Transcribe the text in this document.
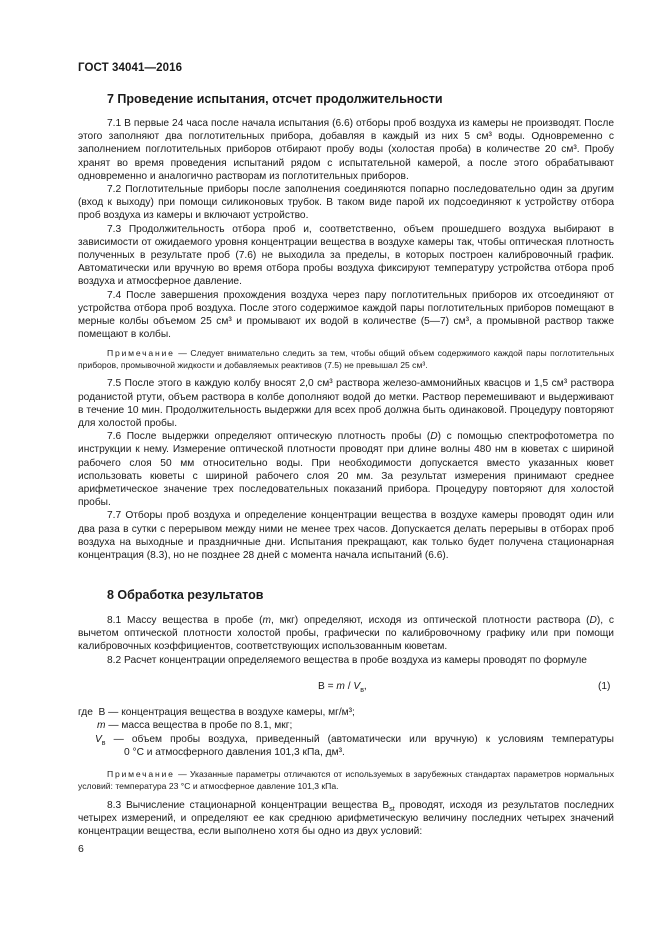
ГОСТ 34041—2016
7 Проведение испытания, отсчет продолжительности

7.1 В первые 24 часа после начала испытания (6.6) отборы проб воздуха из камеры не производят. После этого заполняют два поглотительных прибора, добавляя в каждый из них 5 см³ воды. Одновременно с заполнением поглотительных приборов отбирают пробу воды (холостая проба) в количестве 20 см³. Пробу хранят во время проведения испытаний рядом с испытательной камерой, а после этого обрабатывают одновременно и аналогично растворам из поглотительных приборов.

7.2 Поглотительные приборы после заполнения соединяются попарно последовательно один за другим (вход к выходу) при помощи силиконовых трубок. В таком виде парой их подсоединяют к устройству отбора проб воздуха из камеры и включают устройство.

7.3 Продолжительность отбора проб и, соответственно, объем прошедшего воздуха выбирают в зависимости от ожидаемого уровня концентрации вещества в воздухе камеры так, чтобы оптическая плотность полученных в результате проб (7.6) не выходила за пределы, в которых построен калибровочный график. Автоматически или вручную во время отбора пробы воздуха фиксируют температуру устройства отбора проб воздуха и атмосферное давление.

7.4 После завершения прохождения воздуха через пару поглотительных приборов их отсоединяют от устройства отбора проб воздуха. После этого содержимое каждой пары поглотительных приборов помещают в мерные колбы объемом 25 см³ и промывают их водой в количестве (5—7) см³, а промывной раствор также помещают в колбы.

Примечание — Следует внимательно следить за тем, чтобы общий объем содержимого каждой пары поглотительных приборов, промывочной жидкости и добавляемых реактивов (7.5) не превышал 25 см³.

7.5 После этого в каждую колбу вносят 2,0 см³ раствора железо-аммонийных квасцов и 1,5 см³ раствора роданистой ртути, объем раствора в колбе дополняют водой до метки. Раствор перемешивают и выдерживают в течение 10 мин. Продолжительность выдержки для всех проб должна быть одинаковой. Процедуру повторяют для холостой пробы.

7.6 После выдержки определяют оптическую плотность пробы (D) с помощью спектрофотометра по инструкции к нему. Измерение оптической плотности проводят при длине волны 480 нм в кюветах с шириной рабочего слоя 50 мм относительно воды. При необходимости допускается вместо указанных кювет использовать кюветы с шириной рабочего слоя 20 мм. За результат измерения принимают среднее арифметическое значение трех последовательных показаний прибора. Процедуру повторяют для холостой пробы.

7.7 Отборы проб воздуха и определение концентрации вещества в воздухе камеры проводят один или два раза в сутки с перерывом между ними не менее трех часов. Допускается делать перерывы в отборах проб воздуха на выходные и праздничные дни. Испытания прекращают, как только будет получена стационарная концентрация (8.3), но не позднее 28 дней с момента начала испытаний (6.6).

8 Обработка результатов

8.1 Массу вещества в пробе (m, мкг) определяют, исходя из оптической плотности раствора (D), с вычетом оптической плотности холостой пробы, графически по калибровочному графику или при помощи калибровочных коэффициентов, соответствующих использованным кюветам.

8.2 Расчет концентрации определяемого вещества в пробе воздуха из камеры проводят по формуле

$B = m / V_в$,	(1)
где B — концентрация вещества в воздухе камеры, мг/м³;
m — масса вещества в пробе по 8.1, мкг;
$V_в$ — объем пробы воздуха, приведенный (автоматически или вручную) к условиям температуры
0 °С и атмосферного давления 101,3 кПа, дм³.

Примечание — Указанные параметры отличаются от используемых в зарубежных стандартах параметров нормальных условий: температура 23 °С и атмосферное давление 101,3 кПа.

8.3 Вычисление стационарной концентрации вещества $B_{st}$ проводят, исходя из результатов последних четырех измерений, и определяют ее как среднюю арифметическую величину последних четырех значений концентрации вещества, если выполнено хотя бы одно из двух условий:

6
